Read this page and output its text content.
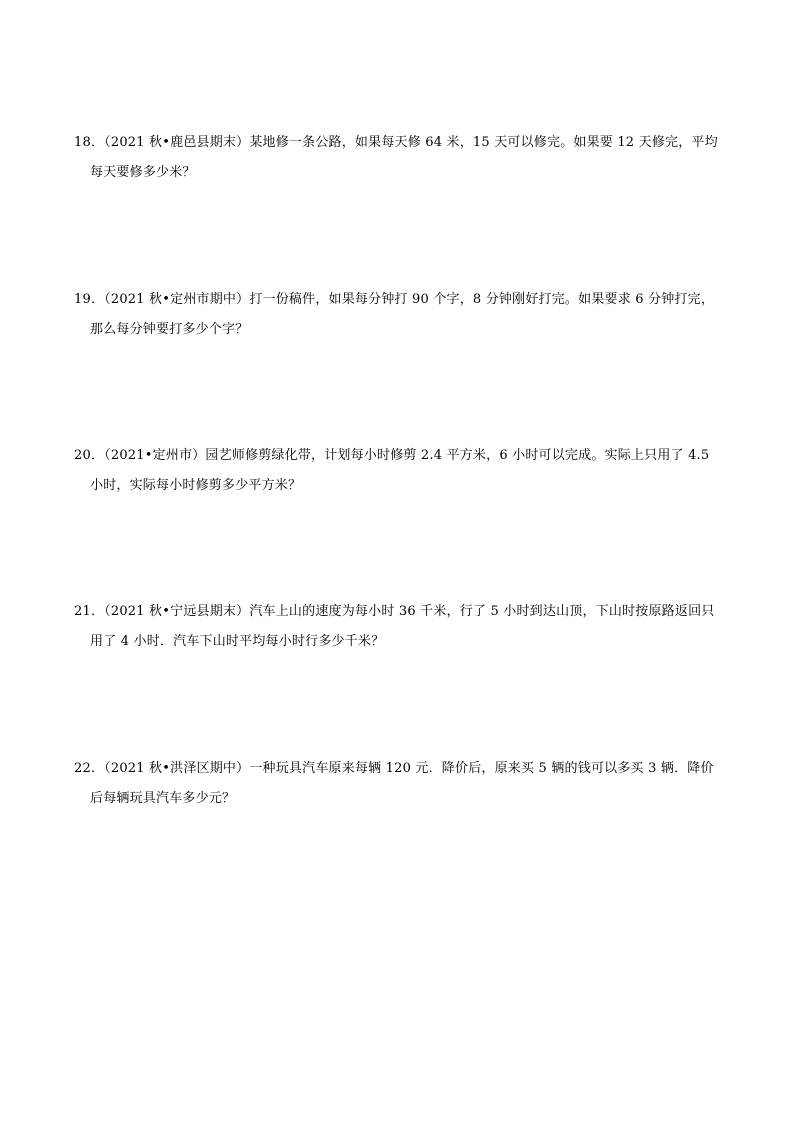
18．（2021 秋•鹿邑县期末）某地修一条公路，如果每天修 64 米，15 天可以修完。如果要 12 天修完，平均
每天要修多少米？
19．（2021 秋•定州市期中）打一份稿件，如果每分钟打 90 个字，8 分钟刚好打完。如果要求 6 分钟打完，
那么每分钟要打多少个字？
20．（2021•定州市）园艺师修剪绿化带，计划每小时修剪 2.4 平方米，6 小时可以完成。实际上只用了 4.5
小时，实际每小时修剪多少平方米？
21．（2021 秋•宁远县期末）汽车上山的速度为每小时 36 千米，行了 5 小时到达山顶，下山时按原路返回只
用了 4 小时．汽车下山时平均每小时行多少千米？
22．（2021 秋•洪泽区期中）一种玩具汽车原来每辆 120 元．降价后，原来买 5 辆的钱可以多买 3 辆．降价
后每辆玩具汽车多少元？
